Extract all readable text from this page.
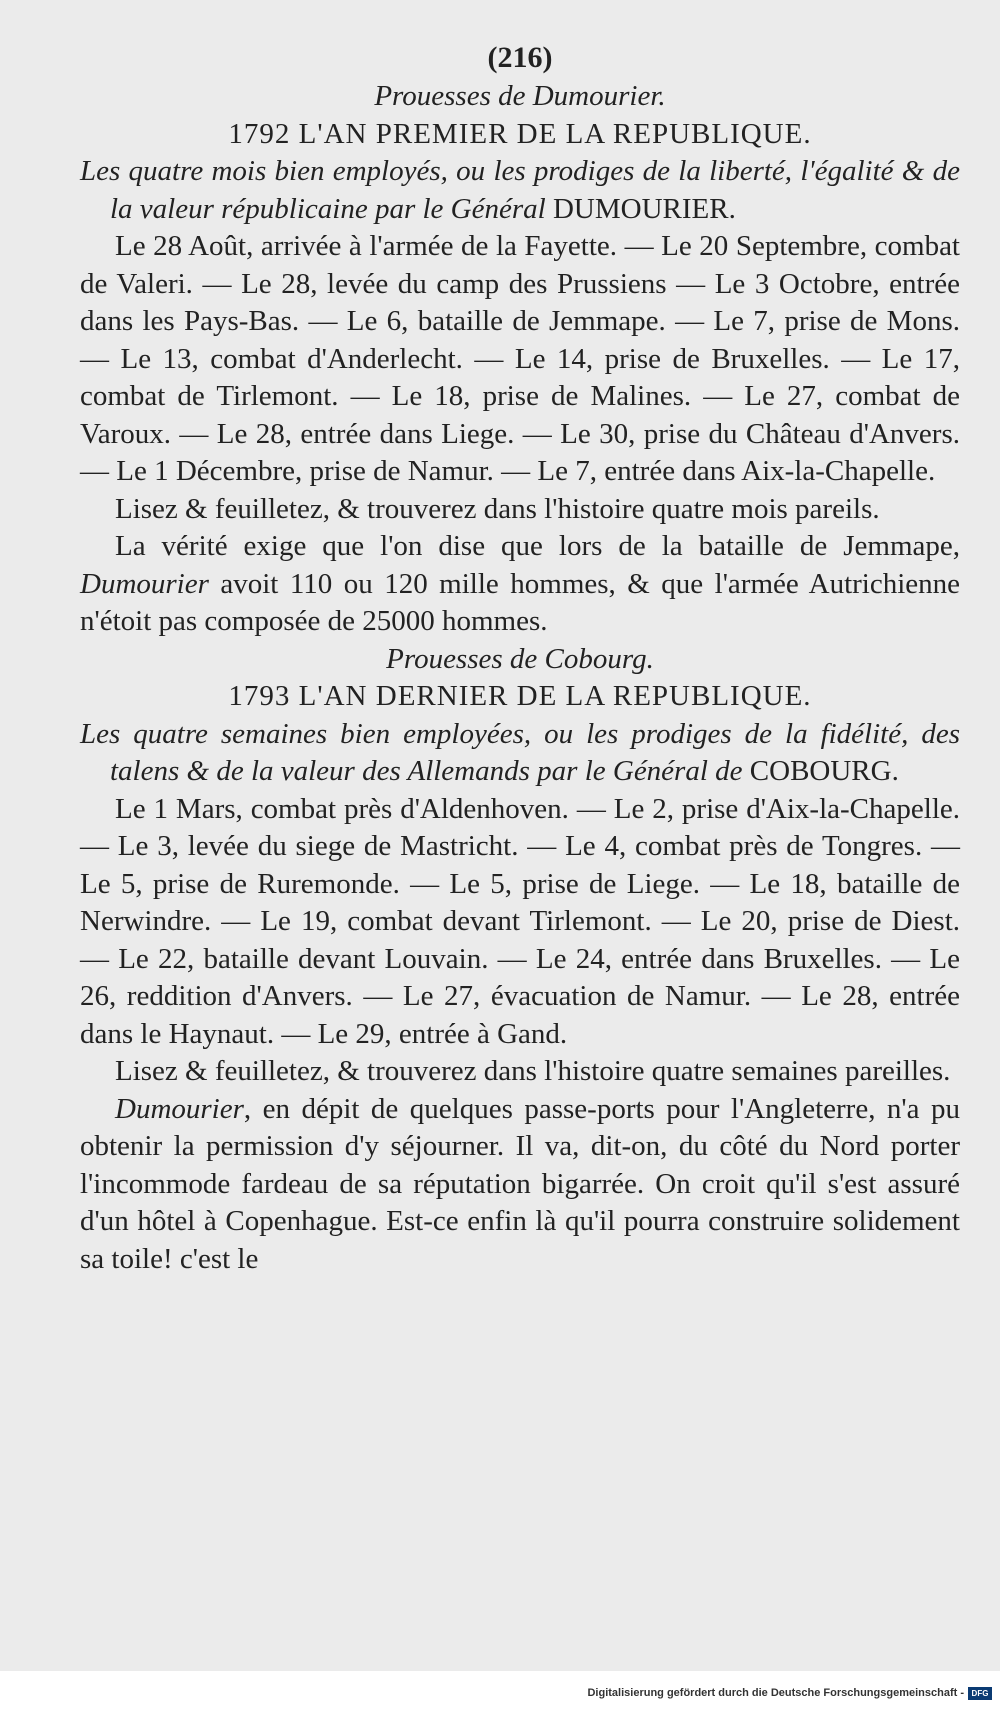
(216)
Prouesses de Dumourier.
1792 L'AN PREMIER DE LA REPUBLIQUE.
Les quatre mois bien employés, ou les prodiges de la liberté, l'égalité & de la valeur républicaine par le Général DUMOURIER.

Le 28 Août, arrivée à l'armée de la Fayette. — Le 20 Septembre, combat de Valeri. — Le 28, levée du camp des Prussiens — Le 3 Octobre, entrée dans les Pays-Bas. — Le 6, bataille de Jemmape. — Le 7, prise de Mons. — Le 13, combat d'Anderlecht. — Le 14, prise de Bruxelles. — Le 17, combat de Tirlemont. — Le 18, prise de Malines. — Le 27, combat de Varoux. — Le 28, entrée dans Liege. — Le 30, prise du Château d'Anvers. — Le 1 Décembre, prise de Namur. — Le 7, entrée dans Aix-la-Chapelle.

Lisez & feuilletez, & trouverez dans l'histoire quatre mois pareils.

La vérité exige que l'on dise que lors de la bataille de Jemmape, Dumourier avoit 110 ou 120 mille hommes, & que l'armée Autrichienne n'étoit pas composée de 25000 hommes.

Prouesses de Cobourg.
1793 L'AN DERNIER DE LA REPUBLIQUE.
Les quatre semaines bien employées, ou les prodiges de la fidélité, des talens & de la valeur des Allemands par le Général de COBOURG.

Le 1 Mars, combat près d'Aldenhoven. — Le 2, prise d'Aix-la-Chapelle. — Le 3, levée du siege de Mastricht. — Le 4, combat près de Tongres. — Le 5, prise de Ruremonde. — Le 5, prise de Liege. — Le 18, bataille de Nerwindre. — Le 19, combat devant Tirlemont. — Le 20, prise de Diest. — Le 22, bataille devant Louvain. — Le 24, entrée dans Bruxelles. — Le 26, reddition d'Anvers. — Le 27, évacuation de Namur. — Le 28, entrée dans le Haynaut. — Le 29, entrée à Gand.

Lisez & feuilletez, & trouverez dans l'histoire quatre semaines pareilles.

Dumourier, en dépit de quelques passe-ports pour l'Angleterre, n'a pu obtenir la permission d'y séjourner. Il va, dit-on, du côté du Nord porter l'incommode fardeau de sa réputation bigarrée. On croit qu'il s'est assuré d'un hôtel à Copenhague. Est-ce enfin là qu'il pourra construire solidement sa toile! c'est le

Digitalisierung gefördert durch die Deutsche Forschungsgemeinschaft - DFG
